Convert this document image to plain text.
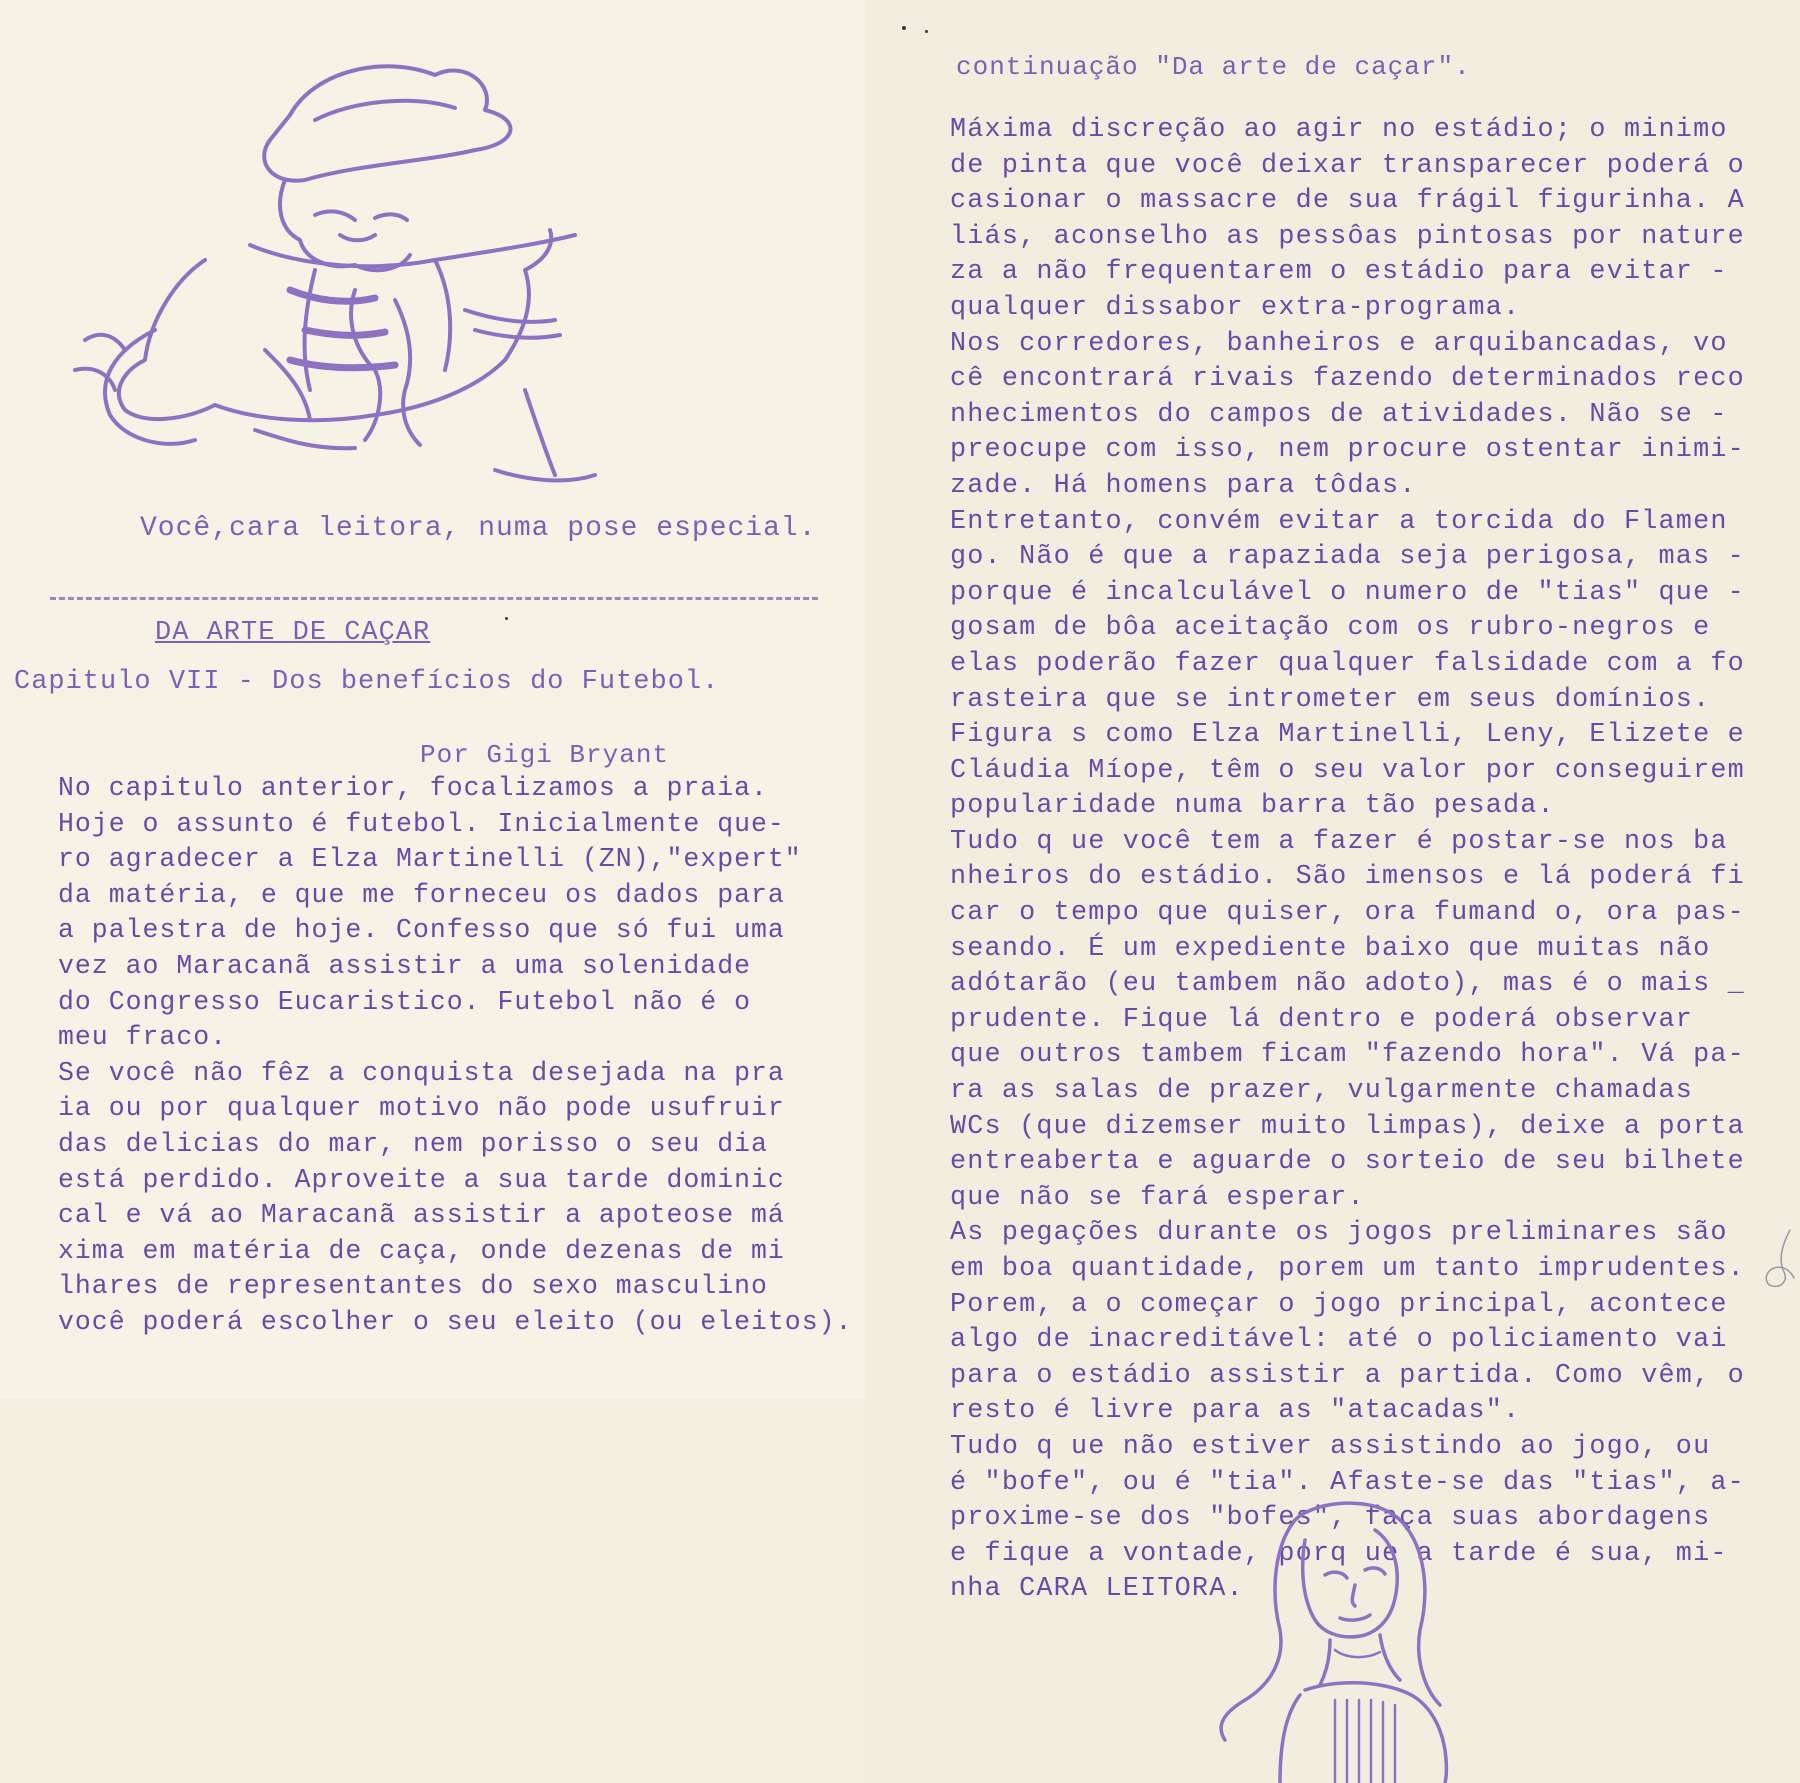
Você,cara leitora, numa pose especial.
DA ARTE DE CAÇAR
Capitulo VII - Dos benefícios do Futebol.
Por Gigi Bryant
No capitulo anterior, focalizamos a praia.
Hoje o assunto é futebol. Inicialmente que-
ro agradecer a Elza Martinelli (ZN),"expert"
da matéria, e que me forneceu os dados para
a palestra de hoje. Confesso que só fui uma
vez ao Maracanã assistir a uma solenidade
do Congresso Eucaristico. Futebol não é o
meu fraco.
Se você não fêz a conquista desejada na pra
ia ou por qualquer motivo não pode usufruir
das delicias do mar, nem porisso o seu dia
está perdido. Aproveite a sua tarde dominic
cal e vá ao Maracanã assistir a apoteose má
xima em matéria de caça, onde dezenas de mi
lhares de representantes do sexo masculino
você poderá escolher o seu eleito (ou eleitos).
continuação "Da arte de caçar".
Máxima discreção ao agir no estádio; o minimo
de pinta que você deixar transparecer poderá o
casionar o massacre de sua frágil figurinha. A
liás, aconselho as pessôas pintosas por nature
za a não frequentarem o estádio para evitar -
qualquer dissabor extra-programa.
Nos corredores, banheiros e arquibancadas, vo
cê encontrará rivais fazendo determinados reco
nhecimentos do campos de atividades. Não se -
preocupe com isso, nem procure ostentar inimi-
zade. Há homens para tôdas.
Entretanto, convém evitar a torcida do Flamen
go. Não é que a rapaziada seja perigosa, mas -
porque é incalculável o numero de "tias" que -
gosam de bôa aceitação com os rubro-negros e
elas poderão fazer qualquer falsidade com a fo
rasteira que se intrometer em seus domínios.
Figura s como Elza Martinelli, Leny, Elizete e
Cláudia Míope, têm o seu valor por conseguirem
popularidade numa barra tão pesada.
Tudo q ue você tem a fazer é postar-se nos ba
nheiros do estádio. São imensos e lá poderá fi
car o tempo que quiser, ora fumand o, ora pas-
seando. É um expediente baixo que muitas não
adótarão (eu tambem não adoto), mas é o mais _
prudente. Fique lá dentro e poderá observar
que outros tambem ficam "fazendo hora". Vá pa-
ra as salas de prazer, vulgarmente chamadas
WCs (que dizemser muito limpas), deixe a porta
entreaberta e aguarde o sorteio de seu bilhete
que não se fará esperar.
As pegações durante os jogos preliminares são
em boa quantidade, porem um tanto imprudentes.
Porem, a o começar o jogo principal, acontece
algo de inacreditável: até o policiamento vai
para o estádio assistir a partida. Como vêm, o
resto é livre para as "atacadas".
Tudo q ue não estiver assistindo ao jogo, ou
é "bofe", ou é "tia". Afaste-se das "tias", a-
proxime-se dos "bofes", faça suas abordagens
e fique a vontade, porq ue a tarde é sua, mi-
nha CARA LEITORA.
